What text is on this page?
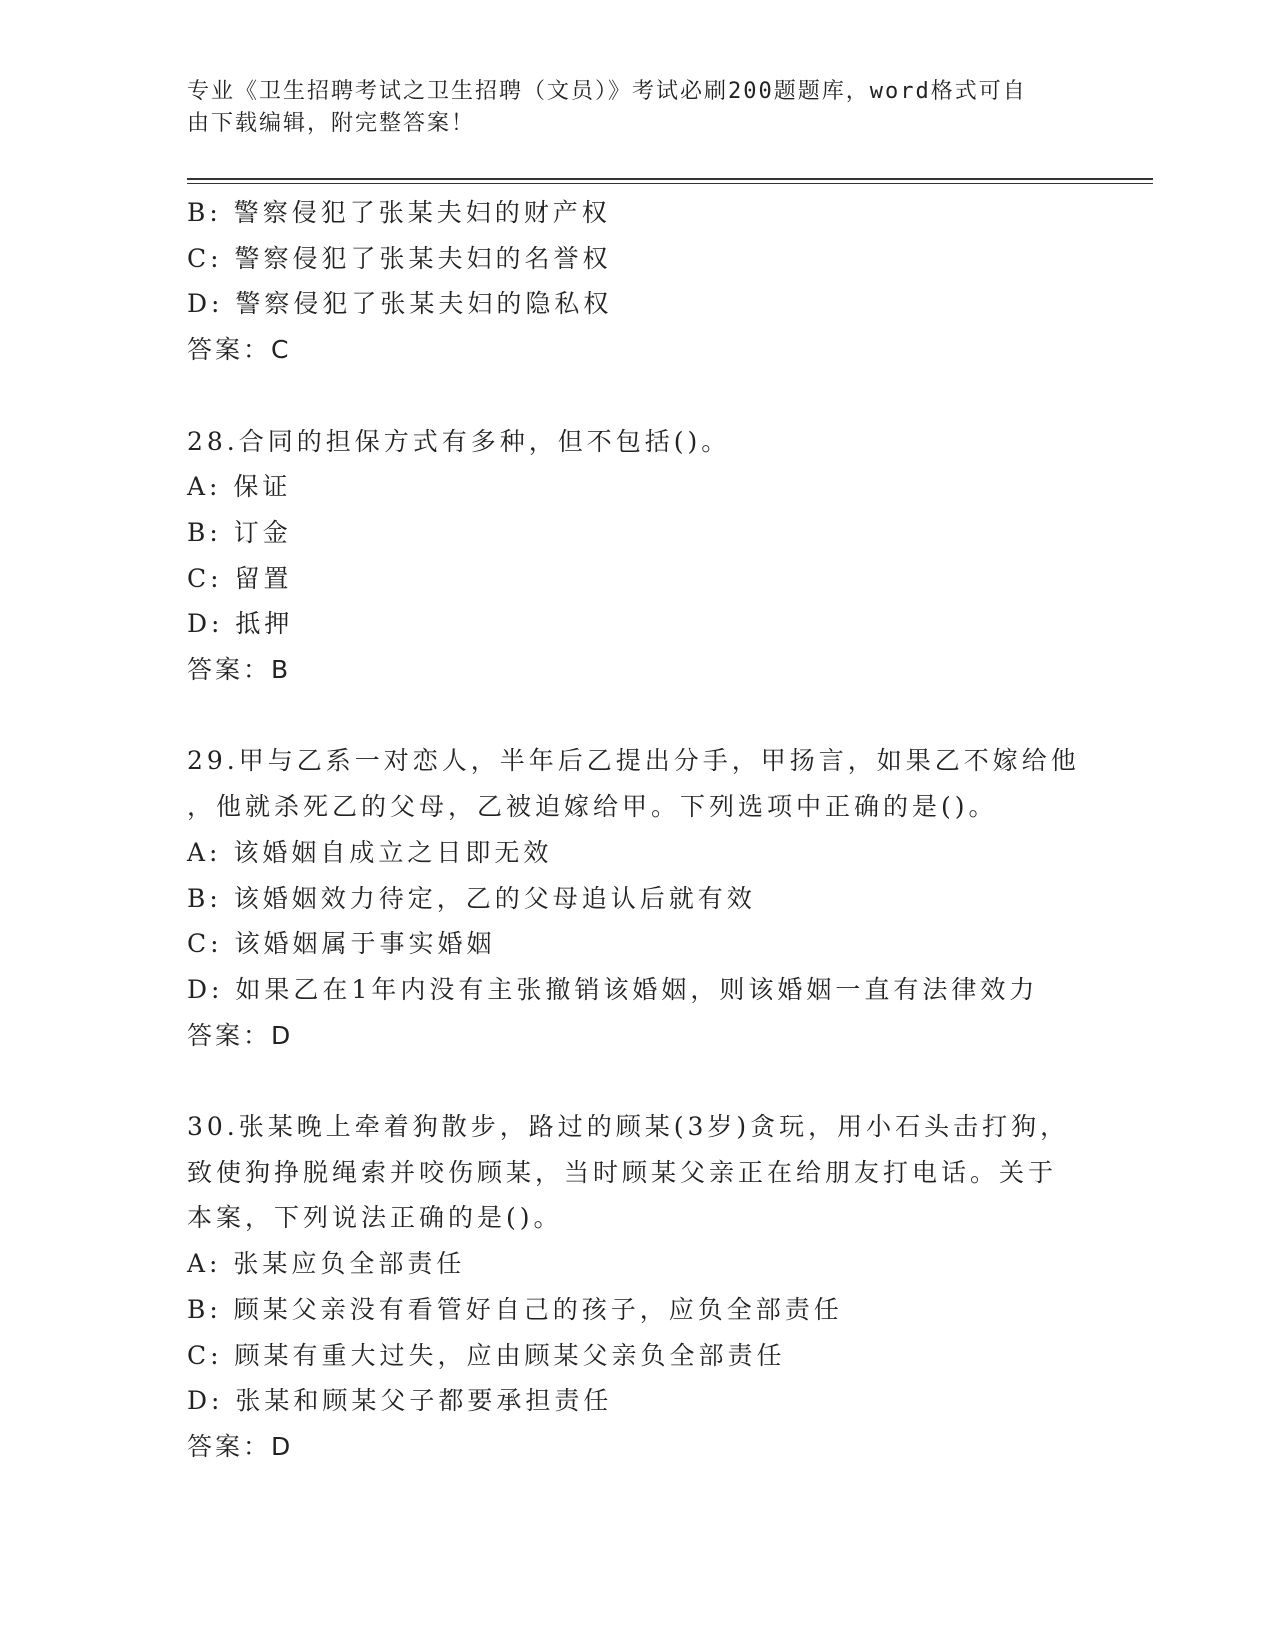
专业《卫生招聘考试之卫生招聘（文员）》考试必刷200题题库，word格式可自
由下载编辑，附完整答案！
B: 警察侵犯了张某夫妇的财产权
C: 警察侵犯了张某夫妇的名誉权
D: 警察侵犯了张某夫妇的隐私权
答案：C
28.合同的担保方式有多种，但不包括()。
A: 保证
B: 订金
C: 留置
D: 抵押
答案：B
29.甲与乙系一对恋人，半年后乙提出分手，甲扬言，如果乙不嫁给他
，他就杀死乙的父母，乙被迫嫁给甲。下列选项中正确的是()。
A: 该婚姻自成立之日即无效
B: 该婚姻效力待定，乙的父母追认后就有效
C: 该婚姻属于事实婚姻
D: 如果乙在1年内没有主张撤销该婚姻，则该婚姻一直有法律效力
答案：D
30.张某晚上牵着狗散步，路过的顾某(3岁)贪玩，用小石头击打狗，
致使狗挣脱绳索并咬伤顾某，当时顾某父亲正在给朋友打电话。关于
本案，下列说法正确的是()。
A: 张某应负全部责任
B: 顾某父亲没有看管好自己的孩子，应负全部责任
C: 顾某有重大过失，应由顾某父亲负全部责任
D: 张某和顾某父子都要承担责任
答案：D
